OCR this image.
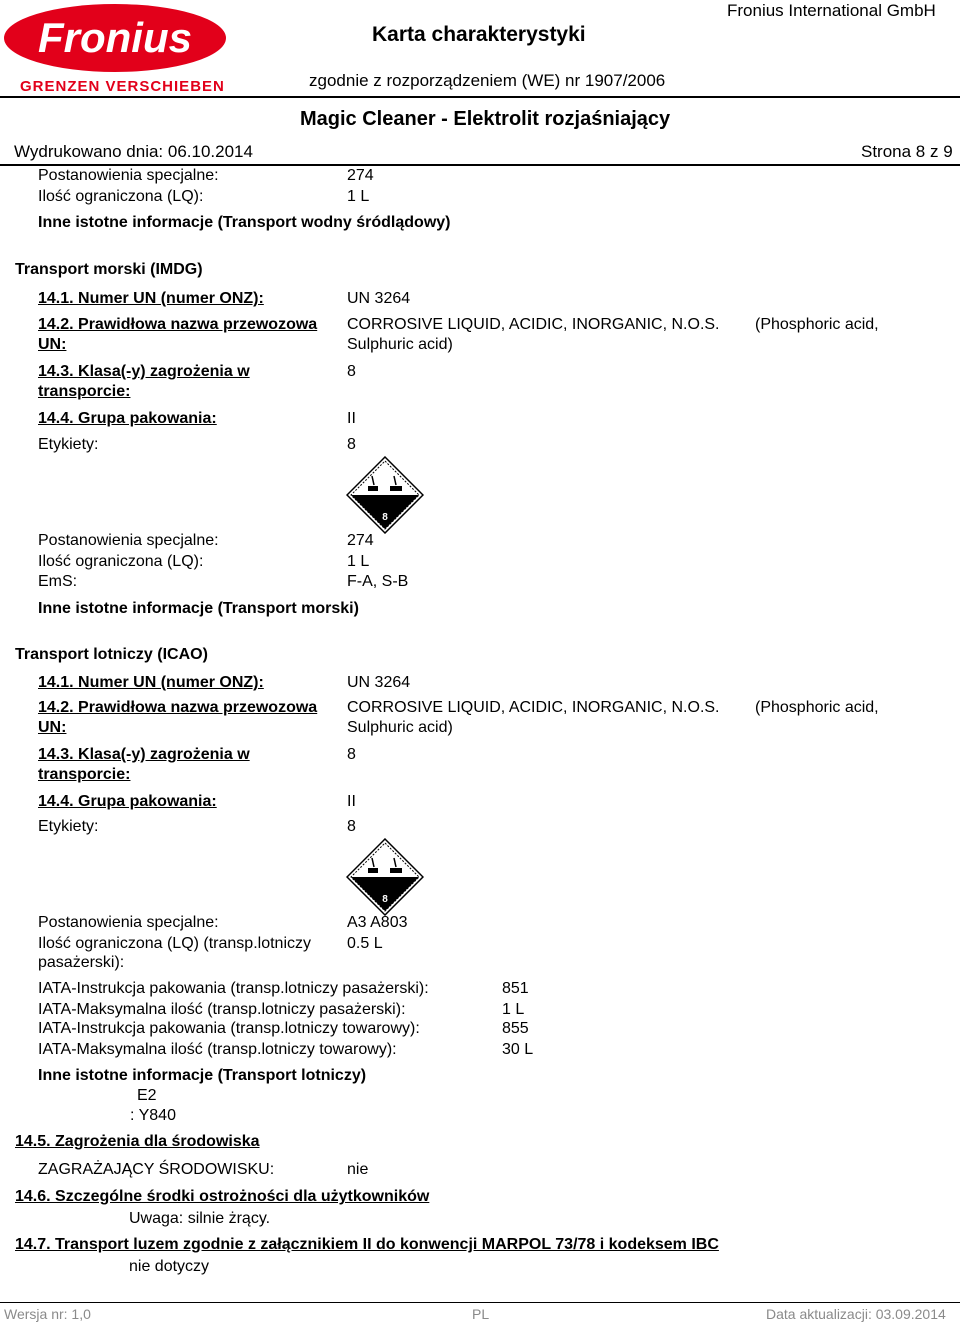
Fronius
GRENZEN VERSCHIEBEN
Karta charakterystyki
Fronius International GmbH
zgodnie z rozporządzeniem (WE) nr 1907/2006
Magic Cleaner - Elektrolit rozjaśniający
Wydrukowano dnia: 06.10.2014	Strona 8 z 9
Postanowienia specjalne:	274
Ilość ograniczona (LQ):	1 L
Inne istotne informacje (Transport wodny śródlądowy)
Transport morski (IMDG)
14.1. Numer UN (numer ONZ):	UN 3264
14.2. Prawidłowa nazwa przewozowa
UN:
CORROSIVE LIQUID, ACIDIC, INORGANIC, N.O.S. (Phosphoric acid,
Sulphuric acid)
14.3. Klasa(-y) zagrożenia w
transporcie:
8
14.4. Grupa pakowania:	II
Etykiety:	8
8
Postanowienia specjalne:	274
Ilość ograniczona (LQ):	1 L
EmS:	F-A, S-B
Inne istotne informacje (Transport morski)
Transport lotniczy (ICAO)
14.1. Numer UN (numer ONZ):	UN 3264
14.2. Prawidłowa nazwa przewozowa
UN:
CORROSIVE LIQUID, ACIDIC, INORGANIC, N.O.S. (Phosphoric acid,
Sulphuric acid)
14.3. Klasa(-y) zagrożenia w
transporcie:
8
14.4. Grupa pakowania:	II
Etykiety:	8
8
Postanowienia specjalne:	A3 A803
Ilość ograniczona (LQ) (transp.lotniczy
pasażerski):
0.5 L
IATA-Instrukcja pakowania (transp.lotniczy pasażerski):	851
IATA-Maksymalna ilość (transp.lotniczy pasażerski):	1 L
IATA-Instrukcja pakowania (transp.lotniczy towarowy):	855
IATA-Maksymalna ilość (transp.lotniczy towarowy):	30 L
Inne istotne informacje (Transport lotniczy)
E2
: Y840
14.5. Zagrożenia dla środowiska
ZAGRAŻAJĄCY ŚRODOWISKU:	nie
14.6. Szczególne środki ostrożności dla użytkowników
Uwaga: silnie żrący.
14.7. Transport luzem zgodnie z załącznikiem II do konwencji MARPOL 73/78 i kodeksem IBC
nie dotyczy
Wersja nr: 1,0	PL	Data aktualizacji: 03.09.2014
